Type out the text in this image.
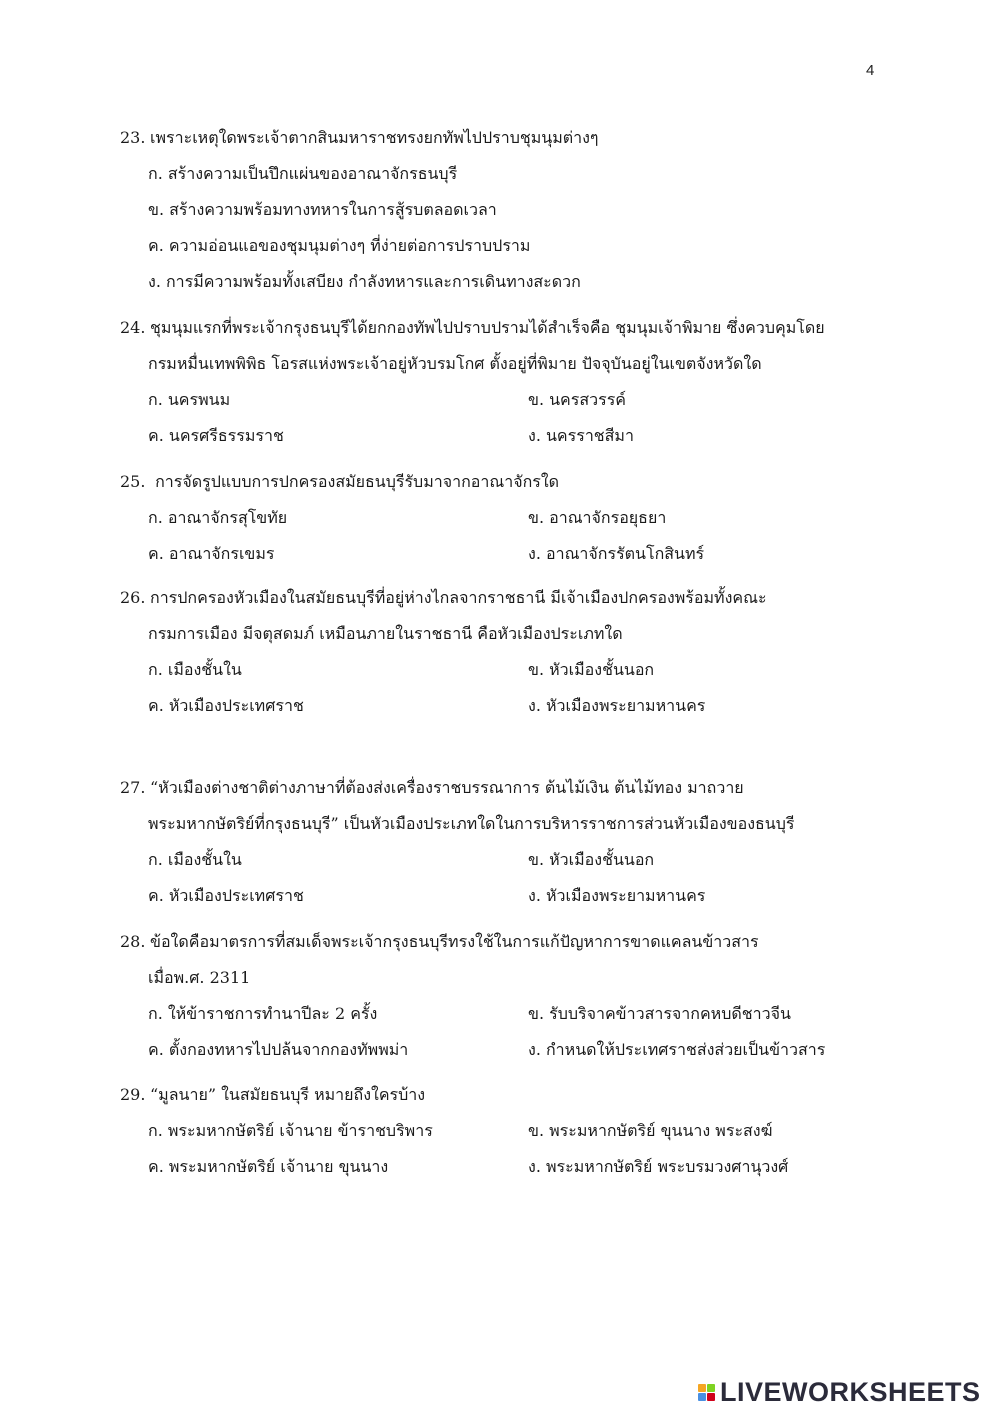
4
23. เพราะเหตุใดพระเจ้าตากสินมหาราชทรงยกทัพไปปราบชุมนุมต่างๆ
ก. สร้างความเป็นปึกแผ่นของอาณาจักรธนบุรี
ข. สร้างความพร้อมทางทหารในการสู้รบตลอดเวลา
ค. ความอ่อนแอของชุมนุมต่างๆ ที่ง่ายต่อการปราบปราม
ง. การมีความพร้อมทั้งเสบียง กำลังทหารและการเดินทางสะดวก
24. ชุมนุมแรกที่พระเจ้ากรุงธนบุรีได้ยกกองทัพไปปราบปรามได้สำเร็จคือ ชุมนุมเจ้าพิมาย ซึ่งควบคุมโดย
กรมหมื่นเทพพิพิธ โอรสแห่งพระเจ้าอยู่หัวบรมโกศ ตั้งอยู่ที่พิมาย ปัจจุบันอยู่ในเขตจังหวัดใด
ก. นครพนม	ข. นครสวรรค์
ค. นครศรีธรรมราช	ง. นครราชสีมา
25. การจัดรูปแบบการปกครองสมัยธนบุรีรับมาจากอาณาจักรใด
ก. อาณาจักรสุโขทัย	ข. อาณาจักรอยุธยา
ค. อาณาจักรเขมร	ง. อาณาจักรรัตนโกสินทร์
26. การปกครองหัวเมืองในสมัยธนบุรีที่อยู่ห่างไกลจากราชธานี มีเจ้าเมืองปกครองพร้อมทั้งคณะ
กรมการเมือง มีจตุสดมภ์ เหมือนภายในราชธานี คือหัวเมืองประเภทใด
ก. เมืองชั้นใน	ข. หัวเมืองชั้นนอก
ค. หัวเมืองประเทศราช	ง. หัวเมืองพระยามหานคร
27. “หัวเมืองต่างชาติต่างภาษาที่ต้องส่งเครื่องราชบรรณาการ ต้นไม้เงิน ต้นไม้ทอง มาถวาย
พระมหากษัตริย์ที่กรุงธนบุรี” เป็นหัวเมืองประเภทใดในการบริหารราชการส่วนหัวเมืองของธนบุรี
ก. เมืองชั้นใน	ข. หัวเมืองชั้นนอก
ค. หัวเมืองประเทศราช	ง. หัวเมืองพระยามหานคร
28. ข้อใดคือมาตรการที่สมเด็จพระเจ้ากรุงธนบุรีทรงใช้ในการแก้ปัญหาการขาดแคลนข้าวสาร
เมื่อพ.ศ. 2311
ก. ให้ข้าราชการทำนาปีละ 2 ครั้ง	ข. รับบริจาคข้าวสารจากคหบดีชาวจีน
ค. ตั้งกองทหารไปปล้นจากกองทัพพม่า	ง. กำหนดให้ประเทศราชส่งส่วยเป็นข้าวสาร
29. “มูลนาย” ในสมัยธนบุรี หมายถึงใครบ้าง
ก. พระมหากษัตริย์ เจ้านาย ข้าราชบริพาร	ข. พระมหากษัตริย์ ขุนนาง พระสงฆ์
ค. พระมหากษัตริย์ เจ้านาย ขุนนาง	ง. พระมหากษัตริย์ พระบรมวงศานุวงศ์
LIVEWORKSHEETS
